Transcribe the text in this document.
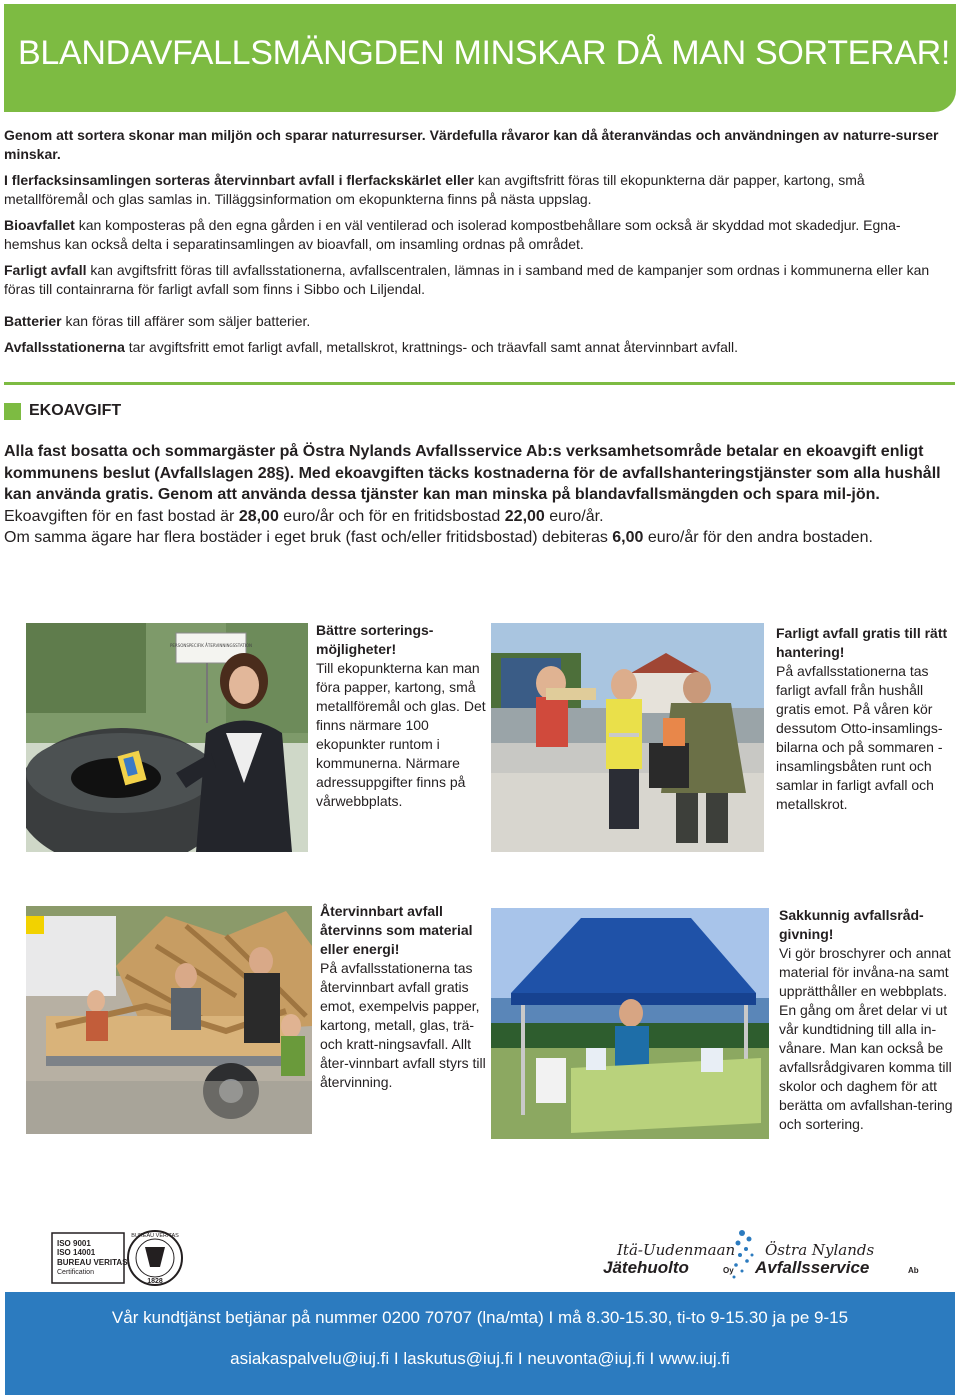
BLANDAVFALLSMÄNGDEN MINSKAR DÅ MAN SORTERAR!

Genom att sortera skonar man miljön och sparar naturresurser. Värdefulla råvaror kan då återanvändas och användningen av naturre-surser minskar.

I flerfacksinsamlingen sorteras återvinnbart avfall i flerfackskärlet eller kan avgiftsfritt föras till ekopunkterna där papper, kartong, små metallföremål och glas samlas in. Tilläggsinformation om ekopunkterna finns på nästa uppslag.

Bioavfallet kan komposteras på den egna gården i en väl ventilerad och isolerad kompostbehållare som också är skyddad mot skadedjur. Egna-hemshus kan också delta i separatinsamlingen av bioavfall, om insamling ordnas på området.

Farligt avfall kan avgiftsfritt föras till avfallsstationerna, avfallscentralen, lämnas in i samband med de kampanjer som ordnas i kommunerna eller kan föras till containrarna för farligt avfall som finns i Sibbo och Liljendal.

Batterier kan föras till affärer som säljer batterier.

Avfallsstationerna tar avgiftsfritt emot farligt avfall, metallskrot, krattnings- och träavfall samt annat återvinnbart avfall.

EKOAVGIFT

Alla fast bosatta och sommargäster på Östra Nylands Avfallsservice Ab:s verksamhetsområde betalar en ekoavgift enligt kommunens beslut (Avfallslagen 28§). Med ekoavgiften täcks kostnaderna för de avfallshanteringstjänster som alla hushåll kan använda gratis. Genom att använda dessa tjänster kan man minska på blandavfallsmängden och spara mil-jön. Ekoavgiften för en fast bostad är 28,00 euro/år och för en fritidsbostad 22,00 euro/år.

Om samma ägare har flera bostäder i eget bruk (fast och/eller fritidsbostad) debiteras 6,00 euro/år för den andra bostaden.

PERSONSPECIFIK ÅTERVINNINGSSTATION

Bättre sorterings-möjligheter!

Till ekopunkterna kan man föra papper, kartong, små metallföremål och glas. Det finns närmare 100 ekopunkter runtom i kommunerna. Närmare adressuppgifter finns på vårwebbplats.

Farligt avfall gratis till rätt hantering!

På avfallsstationerna tas farligt avfall från hushåll gratis emot. På våren kör dessutom Otto-insamlings-bilarna och på sommaren -insamlingsbåten runt och samlar in farligt avfall och metallskrot.

Återvinnbart avfall återvinns som material eller energi!

På avfallsstationerna tas återvinnbart avfall gratis emot, exempelvis papper, kartong, metall, glas, trä- och kratt-ningsavfall. Allt åter-vinnbart avfall styrs till återvinning.

Sakkunnig avfallsråd-givning!

Vi gör broschyrer och annat material för invåna-na samt upprätthåller en webbplats. En gång om året delar vi ut vår kundtidning till alla in-vånare. Man kan också be avfallsrådgivaren komma till skolor och daghem för att berätta om avfallshan-tering och sortering.

ISO 9001
ISO 14001
BUREAU VERITAS
Certification
BUREAU VERITAS
1828
Itä-Uudenmaan
Jätehuolto	Oy
Östra Nylands
Avfallsservice	Ab
Vår kundtjänst betjänar på nummer 0200 70707 (lna/mta) I må 8.30-15.30, ti-to 9-15.30 ja pe 9-15
asiakaspalvelu@iuj.fi I laskutus@iuj.fi I neuvonta@iuj.fi I www.iuj.fi
